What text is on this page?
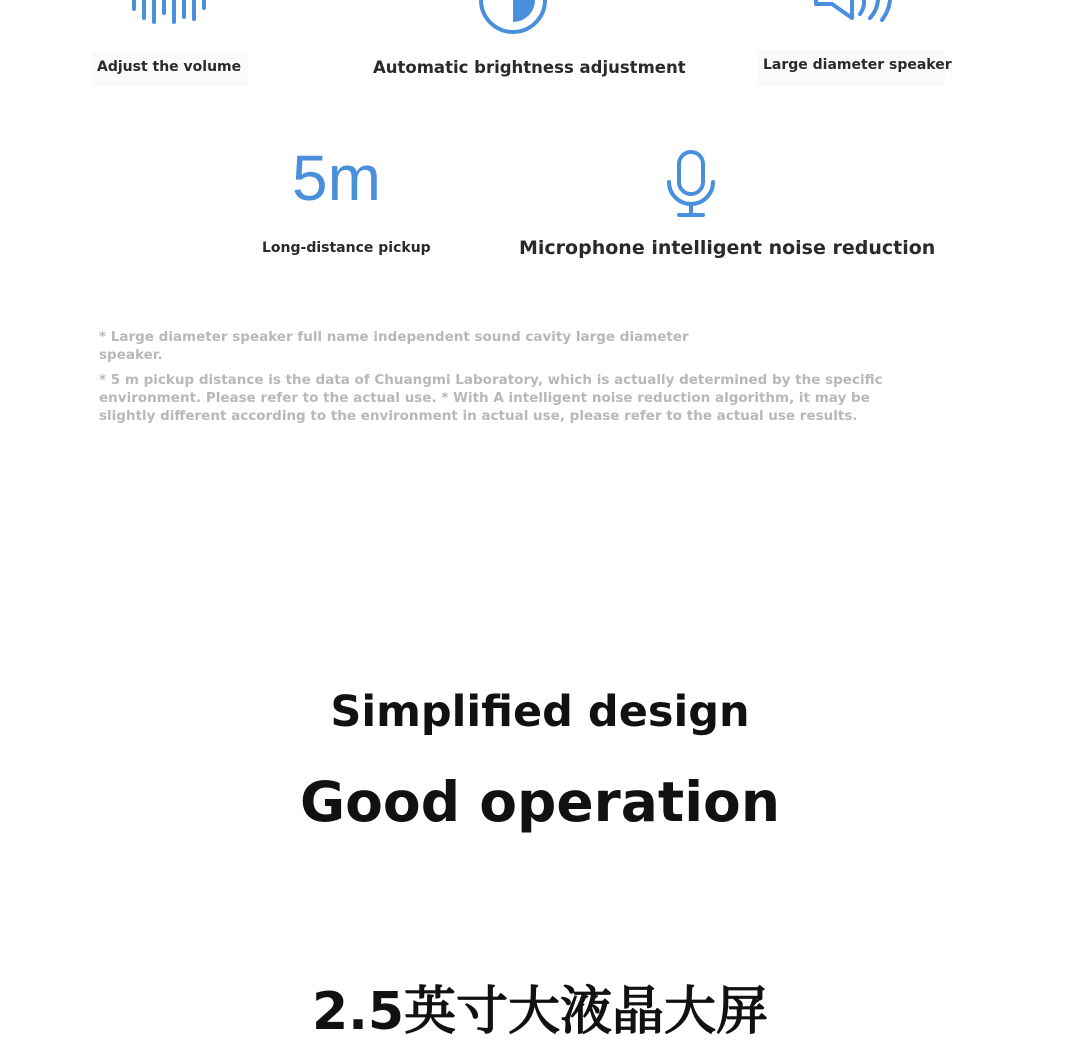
Adjust the volume	Automatic brightness adjustment	Large diameter speaker
5m
Long-distance pickup	Microphone intelligent noise reduction
* Large diameter speaker full name independent sound cavity large diameter speaker.
* 5 m pickup distance is the data of Chuangmi Laboratory, which is actually determined by the specific environment. Please refer to the actual use. * With A intelligent noise reduction algorithm, it may be slightly different according to the environment in actual use, please refer to the actual use results.
Simplified design
Good operation
2.5英寸大液晶大屏
